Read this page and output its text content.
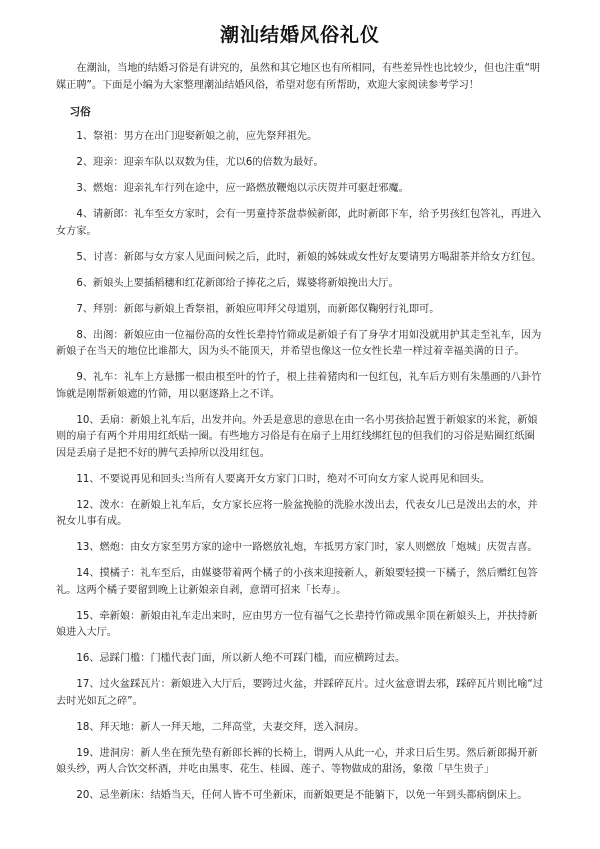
潮汕结婚风俗礼仪

在潮汕，当地的结婚习俗是有讲究的，虽然和其它地区也有所相同，有些差异性也比较少，但也注重“明媒正聘”。下面是小编为大家整理潮汕结婚风俗，希望对您有所帮助，欢迎大家阅读参考学习！

习俗

1、祭祖：男方在出门迎娶新娘之前，应先祭拜祖先。

2、迎亲：迎亲车队以双数为佳，尤以6的倍数为最好。

3、燃炮：迎亲礼车行列在途中，应一路燃放鞭炮以示庆贺并可驱赶邪魔。

4、请新郎：礼车至女方家时，会有一男童持茶盘恭候新郎，此时新郎下车，给予男孩红包答礼，再进入女方家。

5、讨喜：新郎与女方家人见面问候之后，此时，新娘的姊妹或女性好友要请男方喝甜茶并给女方红包。

6、新娘头上要插稻穗和红花新郎给子捧花之后，媒婆将新娘挽出大厅。

7、拜别：新郎与新娘上香祭祖，新娘应叩拜父母道别，而新郎仅鞠躬行礼即可。

8、出阁：新娘应由一位福份高的女性长辈持竹筛或是新娘子有了身孕才用如没就用护其走至礼车，因为新娘子在当天的地位比谁都大，因为头不能顶天，并希望也像这一位女性长辈一样过着幸福美满的日子。

9、礼车：礼车上方悬挪一根由根至叶的竹子，根上挂着猪肉和一包红包，礼车后方则有朱墨画的八卦竹饰就是刚帮新娘遮的竹筛，用以驱逐路上之不详。

10、丢扇：新娘上礼车后，出发并向。外丢是意思的意思在由一名小男孩拾起置于新娘家的米瓮，新娘则的扇子有两个并用用红纸贴一圈。有些地方习俗是有在扇子上用红线绑红包的但我们的习俗是贴圈红纸圈因是丢扇子是把不好的脾气丢掉所以没用红包。

11、不要说再见和回头:当所有人要离开女方家门口时，绝对不可向女方家人说再见和回头。

12、泼水：在新娘上礼车后，女方家长应将一脸盆挽脸的洗脸水泼出去，代表女儿已是泼出去的水，并祝女儿事有成。

13、燃炮：由女方家至男方家的途中一路燃放礼炮，车抵男方家门时，家人则燃放「炮城」庆贺吉喜。

14、摸橘子：礼车至后，由媒婆带着两个橘子的小孩来迎接新人，新娘要轻摸一下橘子，然后赠红包答礼。这两个橘子要留到晚上让新娘亲自剥，意谓可招来「长寿」。

15、牵新娘：新娘由礼车走出来时，应由男方一位有福气之长辈持竹筛或黑伞顶在新娘头上，并扶持新娘进入大厅。

16、忌踩门槛：门槛代表门面，所以新人绝不可踩门槛，而应横跨过去。

17、过火盆踩瓦片：新娘进入大厅后，要跨过火盆，并踩碎瓦片。过火盆意谓去邪，踩碎瓦片则比喻“过去时光如瓦之碎”。

18、拜天地：新人一拜天地，二拜高堂，夫妻交拜，送入洞房。

19、进洞房：新人坐在预先垫有新郎长裤的长椅上，谓两人从此一心，并求日后生男。然后新郎揭开新娘头纱，两人合饮交杯酒，并吃由黑枣、花生、桂圆、莲子、等物做成的甜汤，象徵「早生贵子」

20、忌坐新床：结婚当天，任何人皆不可坐新床，而新娘更是不能躺下，以免一年到头都病倒床上。
